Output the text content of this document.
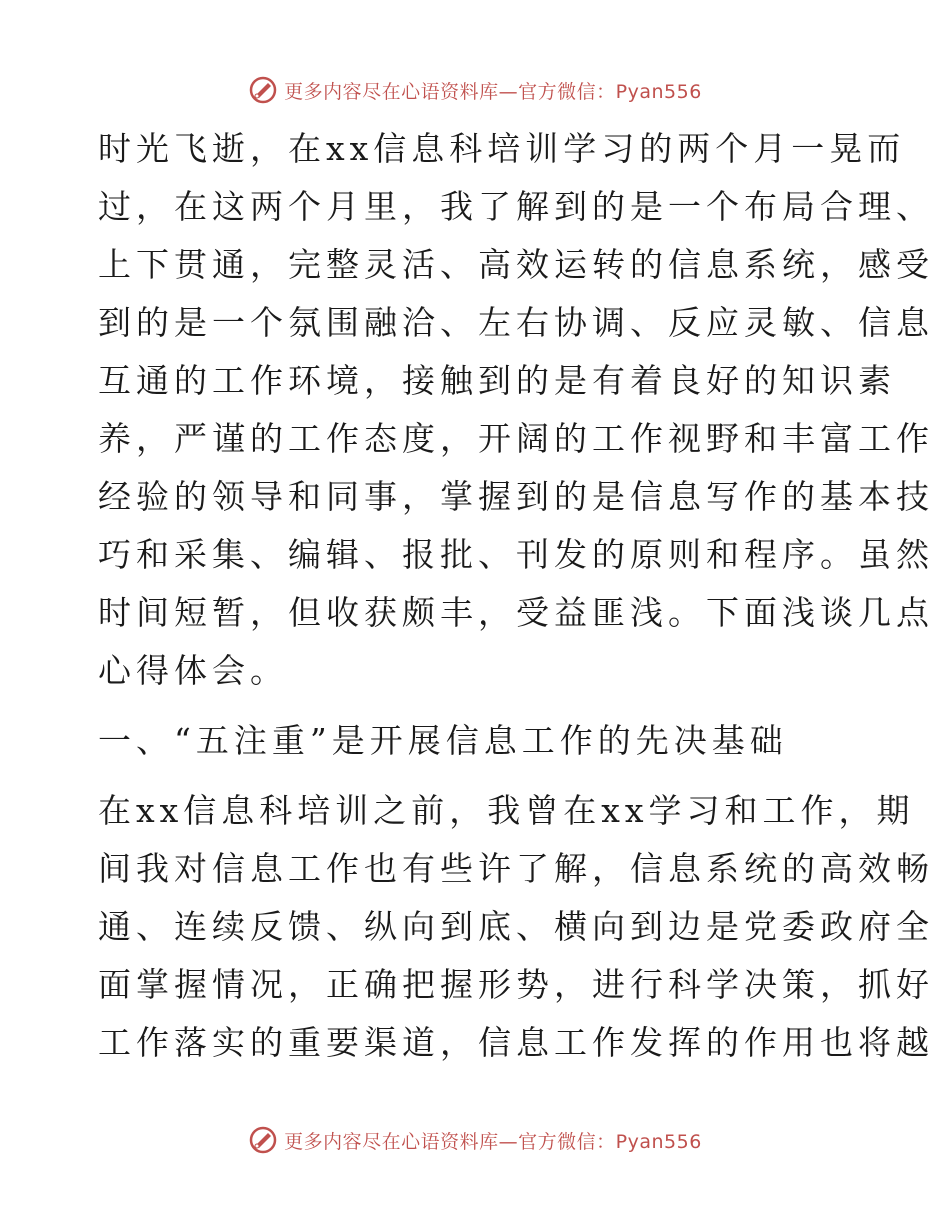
更多内容尽在心语资料库—官方微信：Pyan556
时光飞逝，在xx信息科培训学习的两个月一晃而
过，在这两个月里，我了解到的是一个布局合理、
上下贯通，完整灵活、高效运转的信息系统，感受
到的是一个氛围融洽、左右协调、反应灵敏、信息
互通的工作环境，接触到的是有着良好的知识素
养，严谨的工作态度，开阔的工作视野和丰富工作
经验的领导和同事，掌握到的是信息写作的基本技
巧和采集、编辑、报批、刊发的原则和程序。虽然
时间短暂，但收获颇丰，受益匪浅。下面浅谈几点
心得体会。
一、“五注重”是开展信息工作的先决基础
在xx信息科培训之前，我曾在xx学习和工作，期
间我对信息工作也有些许了解，信息系统的高效畅
通、连续反馈、纵向到底、横向到边是党委政府全
面掌握情况，正确把握形势，进行科学决策，抓好
工作落实的重要渠道，信息工作发挥的作用也将越
更多内容尽在心语资料库—官方微信：Pyan556
